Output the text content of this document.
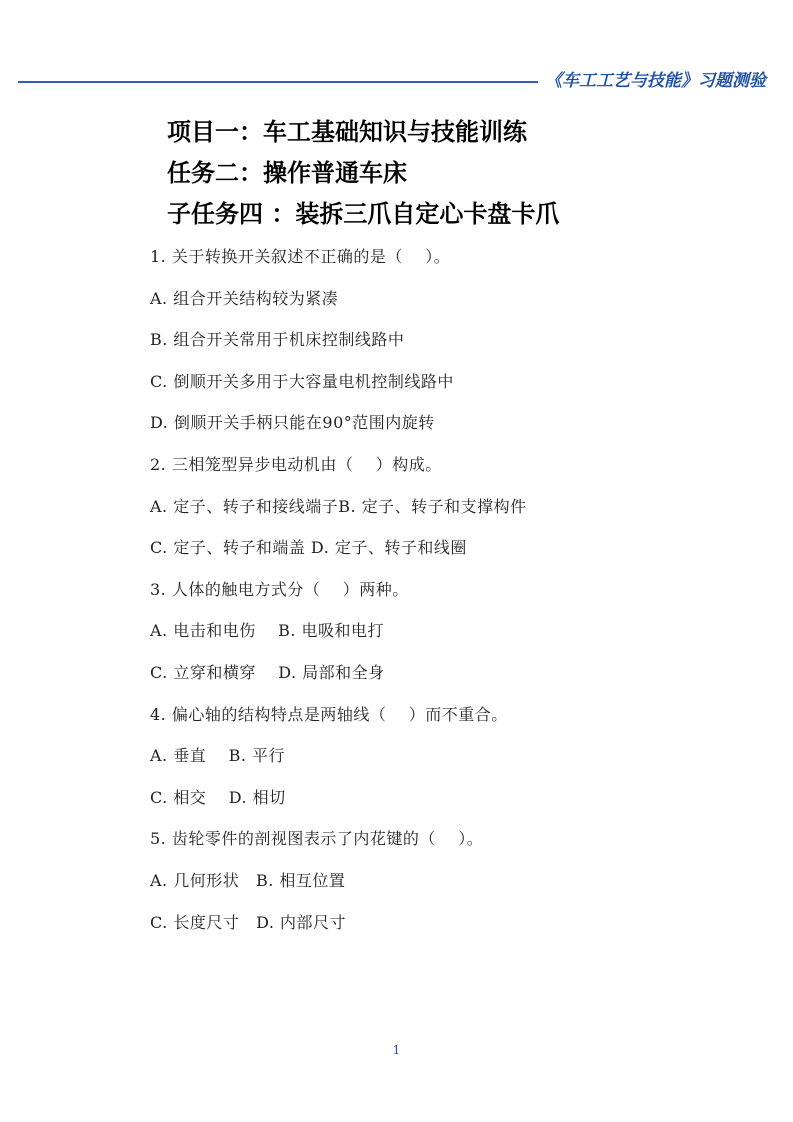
《车工工艺与技能》习题测验
项目一：车工基础知识与技能训练
任务二：操作普通车床
子任务四 ：装拆三爪自定心卡盘卡爪
1. 关于转换开关叙述不正确的是（    ）。
A. 组合开关结构较为紧凑
B. 组合开关常用于机床控制线路中
C. 倒顺开关多用于大容量电机控制线路中
D. 倒顺开关手柄只能在90°范围内旋转
2. 三相笼型异步电动机由（    ）构成。
A. 定子、转子和接线端子B. 定子、转子和支撑构件
C. 定子、转子和端盖 D. 定子、转子和线圈
3. 人体的触电方式分（    ）两种。
A. 电击和电伤    B. 电吸和电打
C. 立穿和横穿    D. 局部和全身
4. 偏心轴的结构特点是两轴线（    ）而不重合。
A. 垂直    B. 平行
C. 相交    D. 相切
5. 齿轮零件的剖视图表示了内花键的（    ）。
A. 几何形状   B. 相互位置
C. 长度尺寸   D. 内部尺寸
1
